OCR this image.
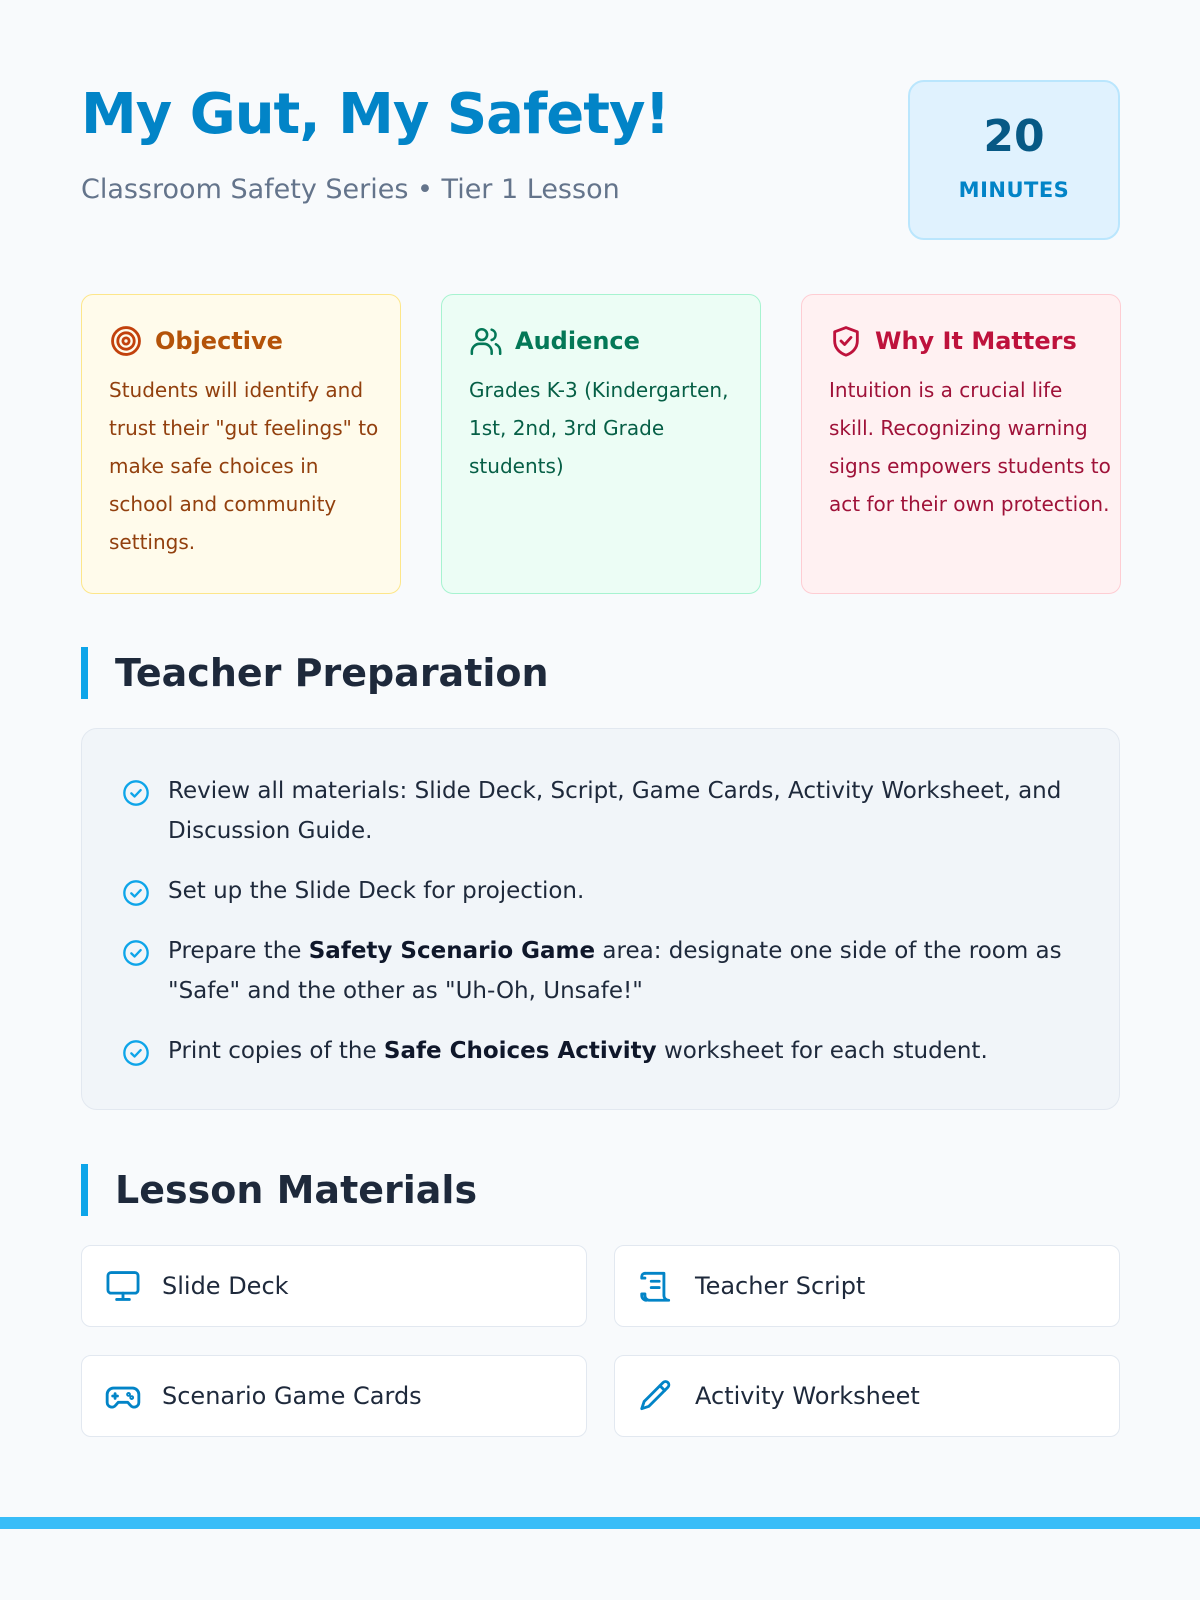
My Gut, My Safety!
Classroom Safety Series • Tier 1 Lesson
20
MINUTES
Objective
Students will identify and trust their "gut feelings" to make safe choices in school and community settings.
Audience
Grades K-3 (Kindergarten, 1st, 2nd, 3rd Grade students)
Why It Matters
Intuition is a crucial life skill. Recognizing warning signs empowers students to act for their own protection.
Teacher Preparation
Review all materials: Slide Deck, Script, Game Cards, Activity Worksheet, and Discussion Guide.
Set up the Slide Deck for projection.
Prepare the Safety Scenario Game area: designate one side of the room as "Safe" and the other as "Uh-Oh, Unsafe!"
Print copies of the Safe Choices Activity worksheet for each student.
Lesson Materials
Slide Deck	Teacher Script
Scenario Game Cards	Activity Worksheet
